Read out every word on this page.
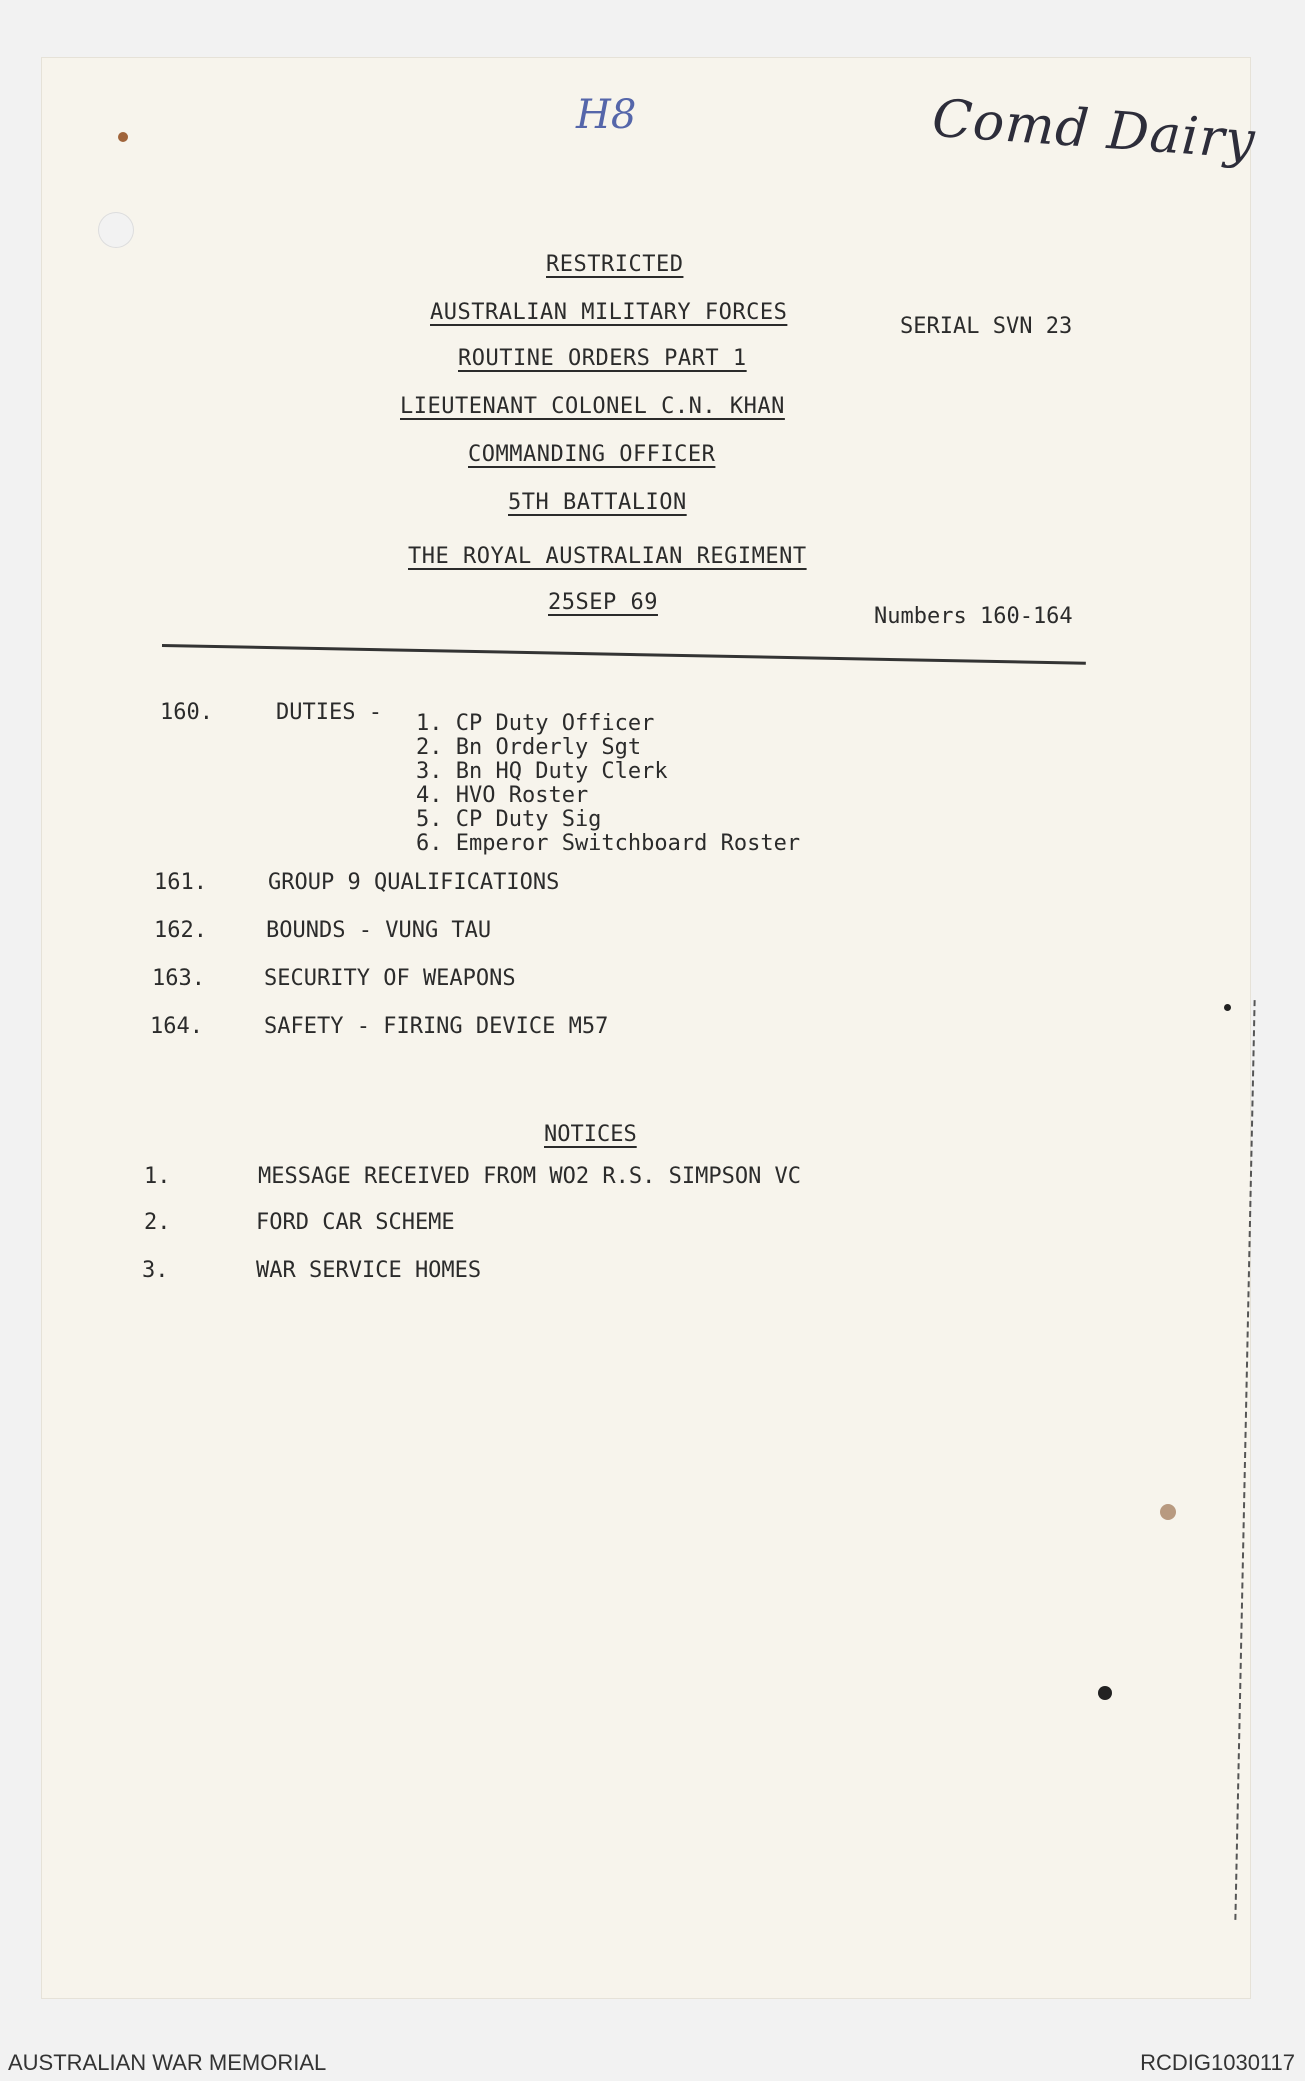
H8	Comd Dairy
RESTRICTED
AUSTRALIAN MILITARY FORCES
ROUTINE ORDERS PART 1
LIEUTENANT COLONEL C.N. KHAN
COMMANDING OFFICER
5TH BATTALION
THE ROYAL AUSTRALIAN REGIMENT
25SEP 69
SERIAL SVN 23
Numbers 160-164
160.	DUTIES - 1. CP Duty Officer
2. Bn Orderly Sgt
3. Bn HQ Duty Clerk
4. HVO Roster
5. CP Duty Sig
6. Emperor Switchboard Roster
161.	GROUP 9 QUALIFICATIONS
162.	BOUNDS - VUNG TAU
163.	SECURITY OF WEAPONS
164.	SAFETY - FIRING DEVICE M57
NOTICES
1.	MESSAGE RECEIVED FROM WO2 R.S. SIMPSON VC
2.	FORD CAR SCHEME
3.	WAR SERVICE HOMES
AUSTRALIAN WAR MEMORIAL	RCDIG1030117
